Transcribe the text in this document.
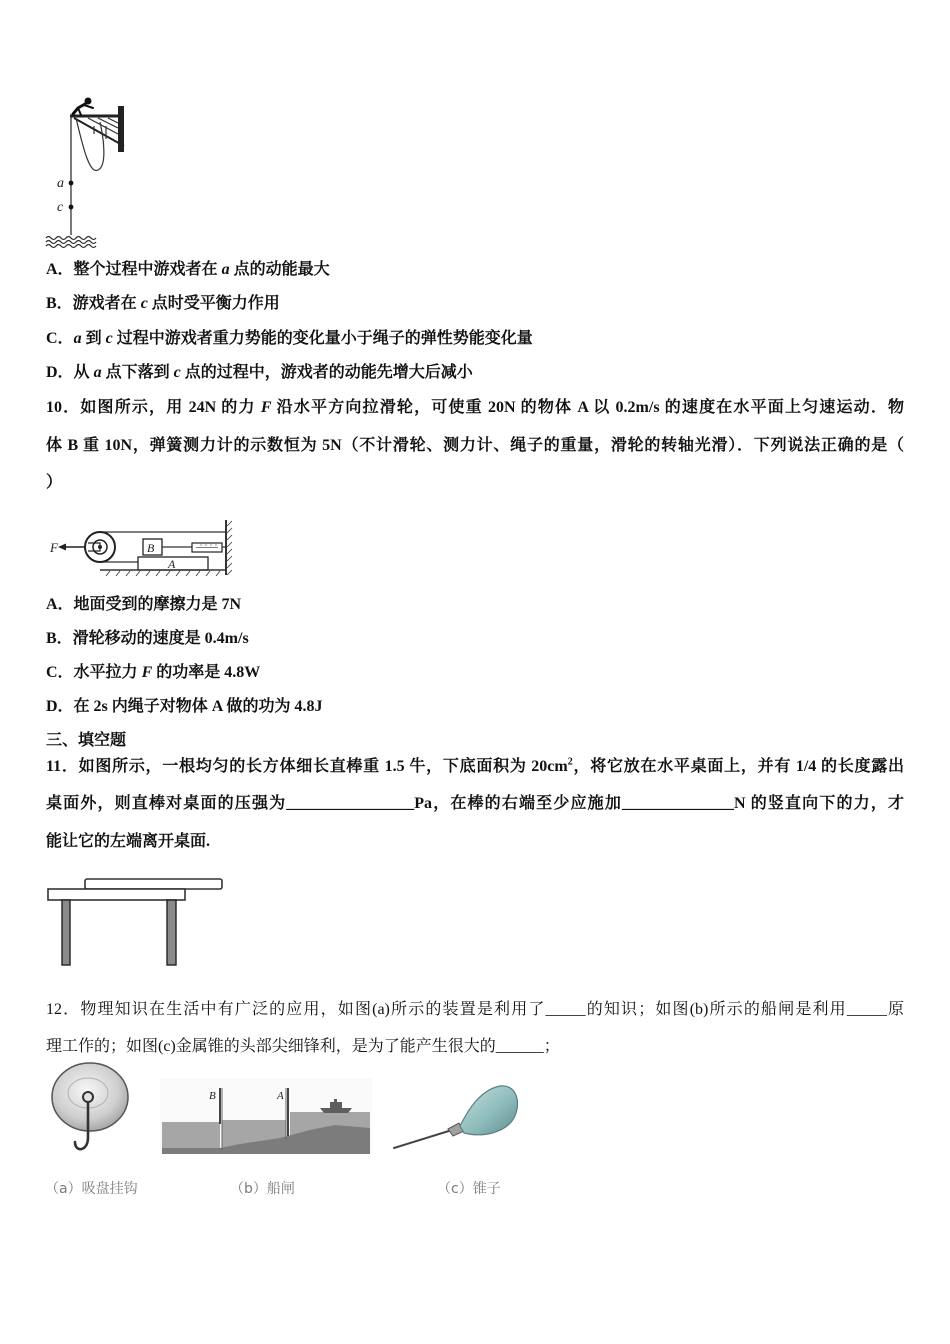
a
c
A．整个过程中游戏者在 a 点的动能最大
B．游戏者在 c 点时受平衡力作用
C．a 到 c 过程中游戏者重力势能的变化量小于绳子的弹性势能变化量
D．从 a 点下落到 c 点的过程中，游戏者的动能先增大后减小
10．如图所示，用 24N 的力 F 沿水平方向拉滑轮，可使重 20N 的物体 A 以 0.2m/s 的速度在水平面上匀速运动．物
体 B 重 10N，弹簧测力计的示数恒为 5N（不计滑轮、测力计、绳子的重量，滑轮的转轴光滑）．下列说法正确的是（
）
F	B
A
A．地面受到的摩擦力是 7N
B．滑轮移动的速度是 0.4m/s
C．水平拉力 F 的功率是 4.8W
D．在 2s 内绳子对物体 A 做的功为 4.8J
三、填空题
11．如图所示，一根均匀的长方体细长直棒重 1.5 牛，下底面积为 $20cm^2$，将它放在水平桌面上，并有 1/4 的长度露出
桌面外，则直棒对桌面的压强为________________Pa，在棒的右端至少应施加______________N 的竖直向下的力，才
能让它的左端离开桌面.
12．物理知识在生活中有广泛的应用，如图(a)所示的装置是利用了_____的知识；如图(b)所示的船闸是利用_____原
理工作的；如图(c)金属锥的头部尖细锋利，是为了能产生很大的______；
B	A
（a）吸盘挂钩	（b）船闸	（c）锥子
